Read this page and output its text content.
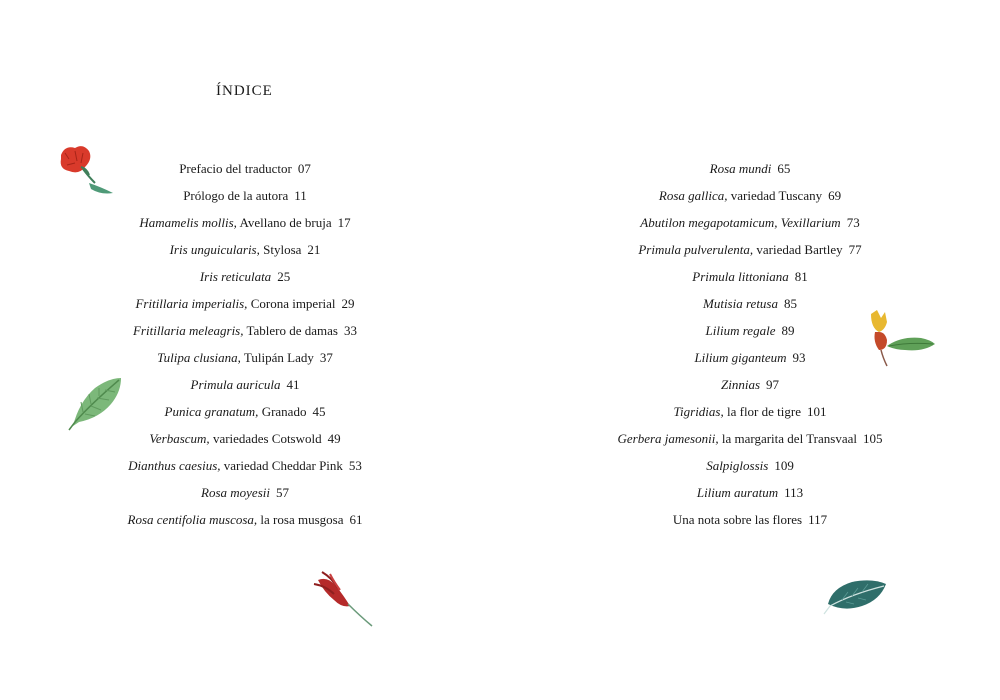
ÍNDICE
Prefacio del traductor 07
Prólogo de la autora 11
Hamamelis mollis, Avellano de bruja 17
Iris unguicularis, Stylosa 21
Iris reticulata 25
Fritillaria imperialis, Corona imperial 29
Fritillaria meleagris, Tablero de damas 33
Tulipa clusiana, Tulipán Lady 37
Primula auricula 41
Punica granatum, Granado 45
Verbascum, variedades Cotswold 49
Dianthus caesius, variedad Cheddar Pink 53
Rosa moyesii 57
Rosa centifolia muscosa, la rosa musgosa 61
Rosa mundi 65
Rosa gallica, variedad Tuscany 69
Abutilon megapotamicum, Vexillarium 73
Primula pulverulenta, variedad Bartley 77
Primula littoniana 81
Mutisia retusa 85
Lilium regale 89
Lilium giganteum 93
Zinnias 97
Tigridias, la flor de tigre 101
Gerbera jamesonii, la margarita del Transvaal 105
Salpiglossis 109
Lilium auratum 113
Una nota sobre las flores 117
